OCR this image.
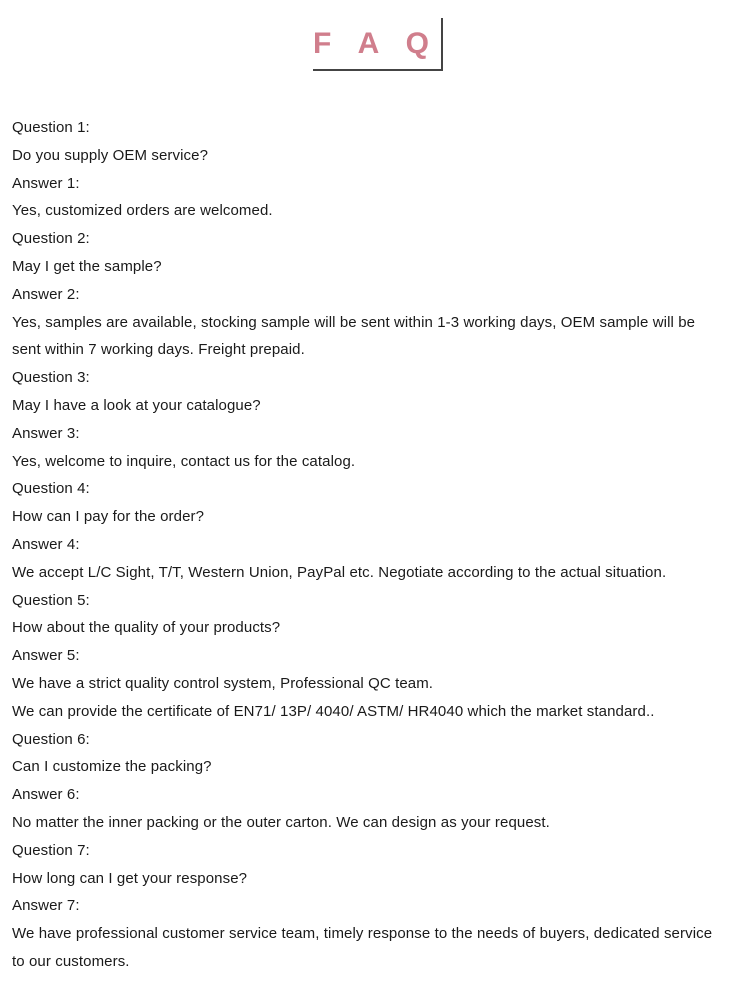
F A Q
Question 1:
Do you supply OEM service?
Answer 1:
Yes, customized orders are welcomed.
Question 2:
May I get the sample?
Answer 2:
Yes, samples are available, stocking sample will be sent within 1-3 working days, OEM sample will be
sent within 7 working days. Freight prepaid.
Question 3:
May I have a look at your catalogue?
Answer 3:
Yes, welcome to inquire, contact us for the catalog.
Question 4:
How can I pay for the order?
Answer 4:
We accept L/C Sight, T/T, Western Union, PayPal etc. Negotiate according to the actual situation.
Question 5:
How about the quality of your products?
Answer 5:
We have a strict quality control system, Professional QC team.
We can provide the certificate of EN71/ 13P/ 4040/ ASTM/ HR4040 which the market standard..
Question 6:
Can I customize the packing?
Answer 6:
No matter the inner packing or the outer carton. We can design as your request.
Question 7:
How long can I get your response?
Answer 7:
We have professional customer service team, timely response to the needs of buyers, dedicated service
to our customers.
